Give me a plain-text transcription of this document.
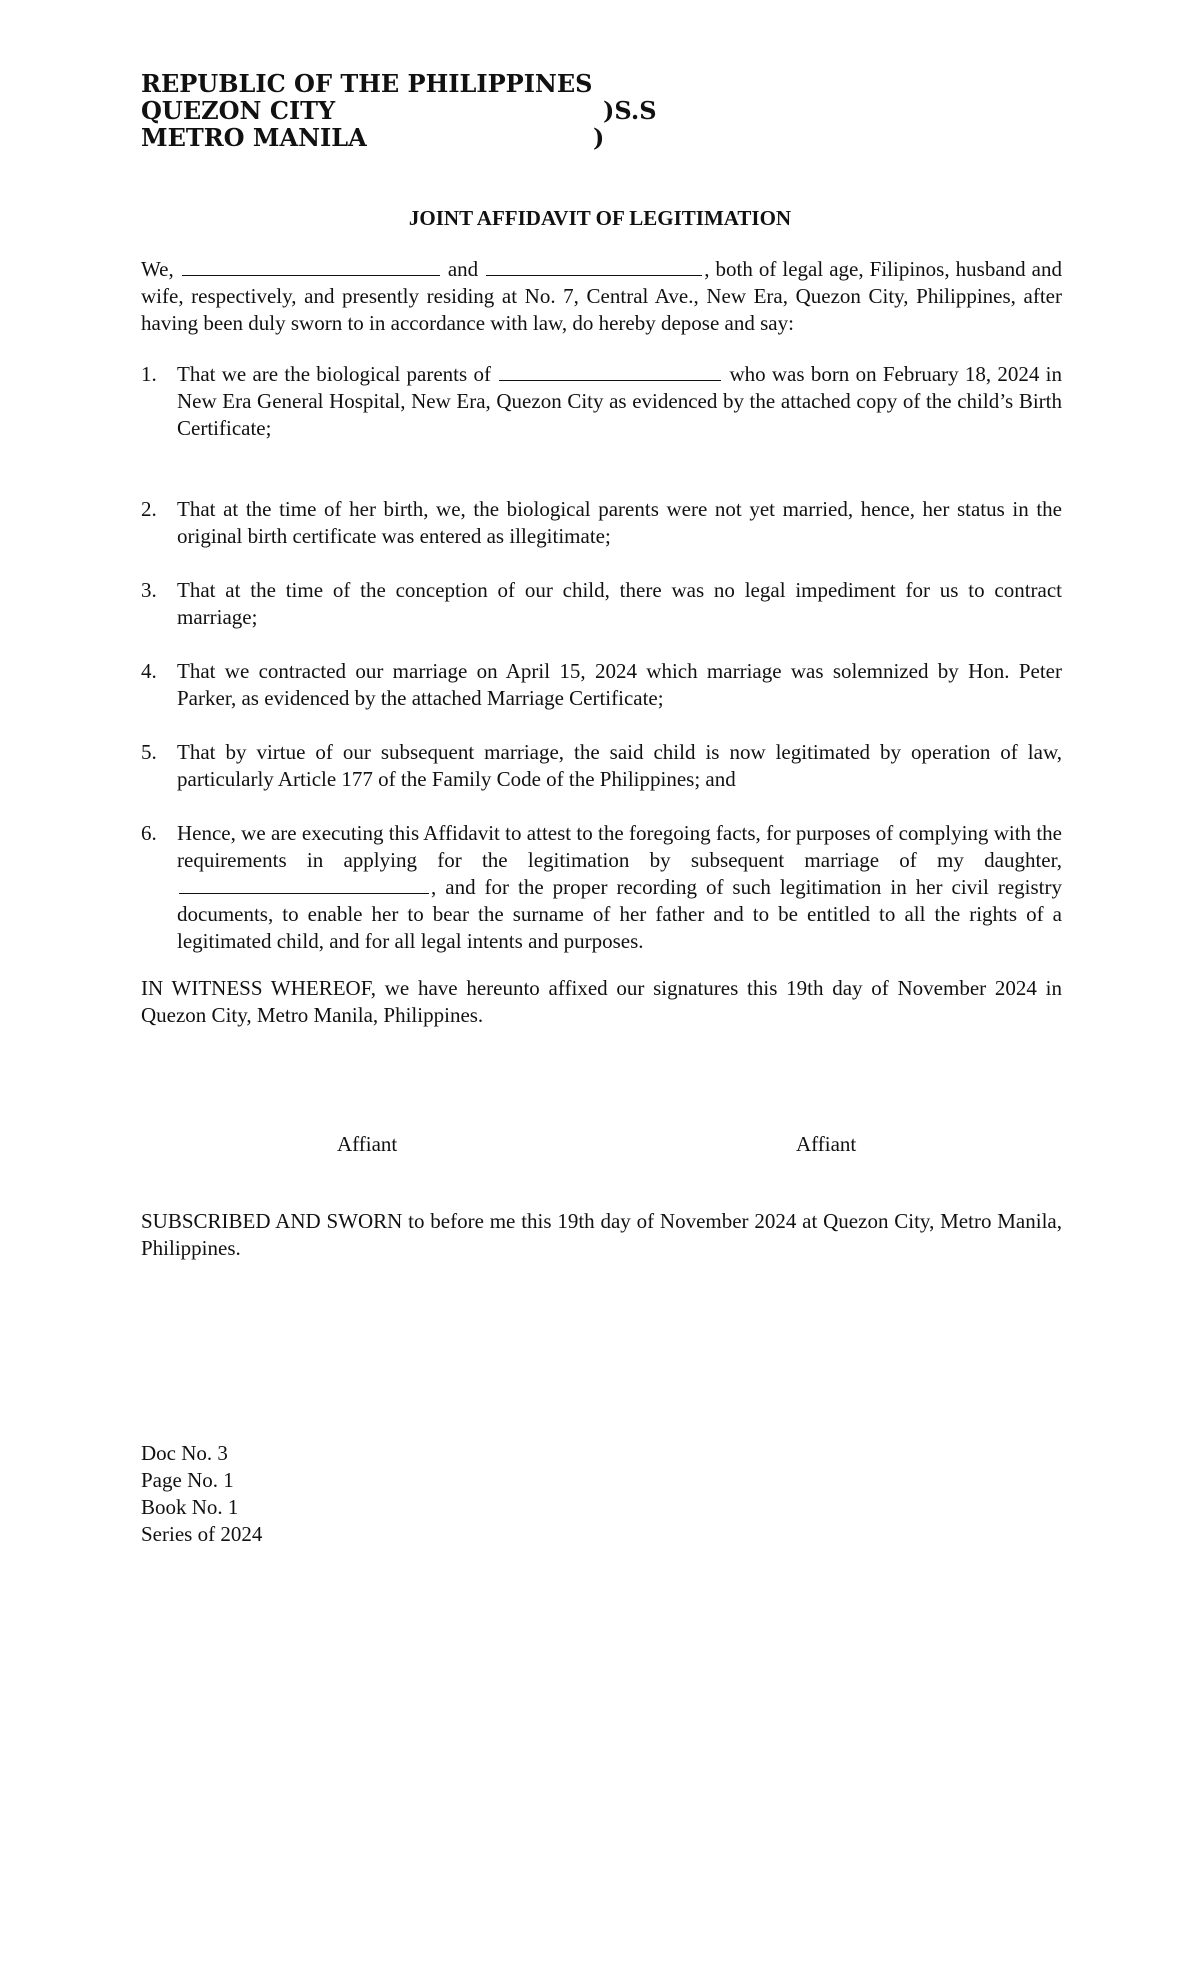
REPUBLIC OF THE PHILIPPINES
QUEZON CITY	)S.S
METRO MANILA	)
JOINT AFFIDAVIT OF LEGITIMATION
We,	and	, both of legal age, Filipinos, husband and wife, respectively, and presently residing at No. 7, Central Ave., New Era, Quezon City, Philippines, after having been duly sworn to in accordance with law, do hereby depose and say:
1. That we are the biological parents of	who was born on February 18, 2024 in New Era General Hospital, New Era, Quezon City as evidenced by the attached copy of the child’s Birth Certificate;
2. That at the time of her birth, we, the biological parents were not yet married, hence, her status in the original birth certificate was entered as illegitimate;
3. That at the time of the conception of our child, there was no legal impediment for us to contract marriage;
4. That we contracted our marriage on April 15, 2024 which marriage was solemnized by Hon. Peter Parker, as evidenced by the attached Marriage Certificate;
5. That by virtue of our subsequent marriage, the said child is now legitimated by operation of law, particularly Article 177 of the Family Code of the Philippines; and
6. Hence, we are executing this Affidavit to attest to the foregoing facts, for purposes of complying with the requirements in applying for the legitimation by subsequent marriage of my daughter, , and for the proper recording of such legitimation in her civil registry documents, to enable her to bear the surname of her father and to be entitled to all the rights of a legitimated child, and for all legal intents and purposes.
IN WITNESS WHEREOF, we have hereunto affixed our signatures this 19th day of November 2024 in Quezon City, Metro Manila, Philippines.
Affiant	Affiant
SUBSCRIBED AND SWORN to before me this 19th day of November 2024 at Quezon City, Metro Manila, Philippines.
Doc No. 3
Page No. 1
Book No. 1
Series of 2024
